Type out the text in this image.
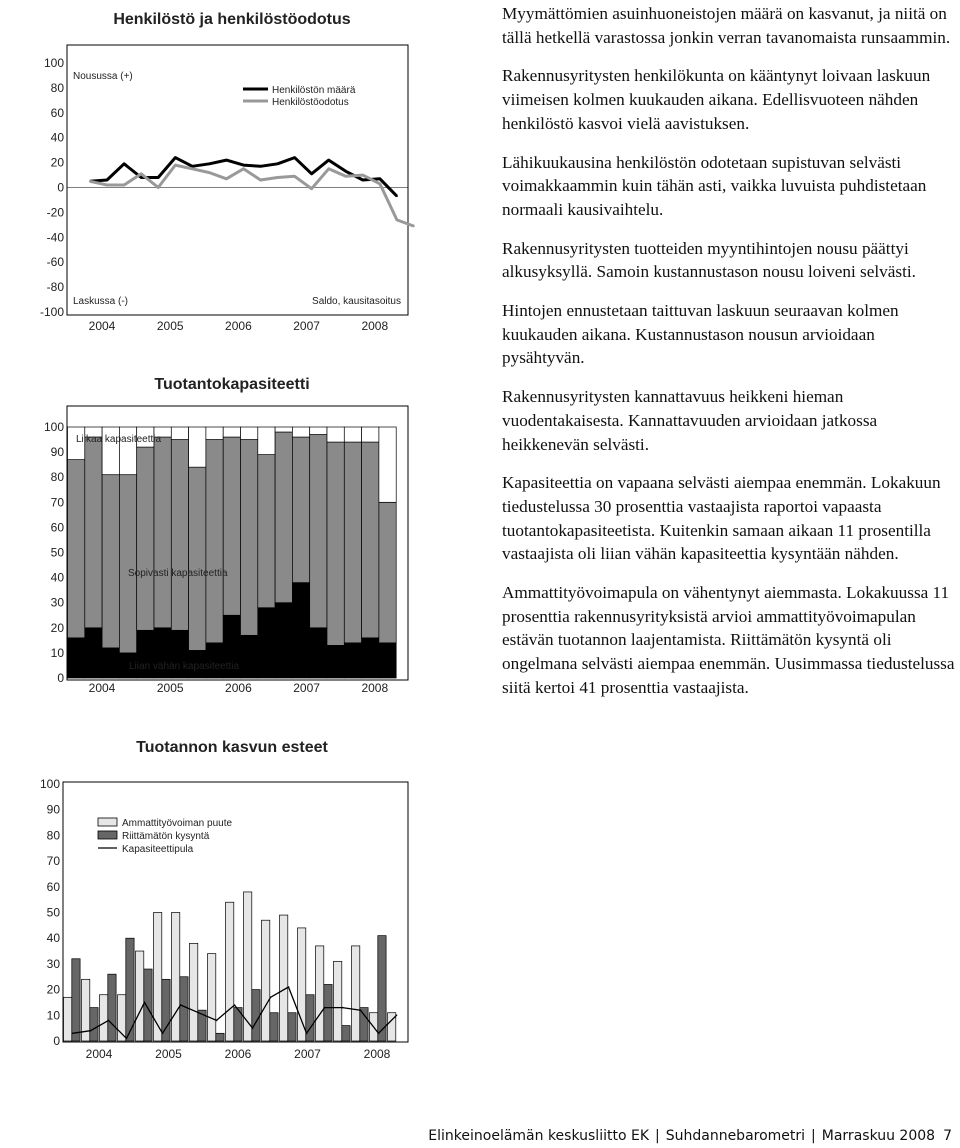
Henkilöstö ja henkilöstöodotus
Nousussa (+)
Laskussa (-)	Saldo, kausitasoitus
Henkilöstön määrä
Henkilöstöodotus
100
80
60
40
20
0
-20
-40
-60
-80
-100
2004	2005	2006	2007	2008
Tuotantokapasiteetti
100
90
80
70
60
50
40
30
20
10
0
2004	2005	2006	2007	2008
Liikaa kapasiteettia
Sopivasti kapasiteettia
Liian vähän kapasiteettia
Tuotannon kasvun esteet
100
90
80
70
60
50
40
30
20
10
0
2004	2005	2006	2007	2008
Ammattityövoiman puute
Riittämätön kysyntä
Kapasiteettipula

Myymättömien asuinhuoneistojen määrä on kasvanut, ja niitä on tällä hetkellä varastossa jonkin verran tavanomaista runsaammin.

Rakennusyritysten henkilökunta on kääntynyt loivaan laskuun viimeisen kolmen kuukauden aikana. Edellisvuoteen nähden henkilöstö kasvoi vielä aavistuksen.

Lähikuukausina henkilöstön odotetaan supistuvan selvästi voimakkaammin kuin tähän asti, vaikka luvuista puhdistetaan normaali kausivaihtelu.

Rakennusyritysten tuotteiden myyntihintojen nousu päättyi alkusyksyllä. Samoin kustannustason nousu loiveni selvästi.

Hintojen ennustetaan taittuvan laskuun seuraavan kolmen kuukauden aikana. Kustannustason nousun arvioidaan pysähtyvän.

Rakennusyritysten kannattavuus heikkeni hieman vuodentakaisesta. Kannattavuuden arvioidaan jatkossa heikkenevän selvästi.

Kapasiteettia on vapaana selvästi aiempaa enemmän. Lokakuun tiedustelussa 30 prosenttia vastaajista raportoi vapaasta tuotantokapasiteetista. Kuitenkin samaan aikaan 11 prosentilla vastaajista oli liian vähän kapasiteettia kysyntään nähden.

Ammattityövoimapula on vähentynyt aiemmasta. Lokakuussa 11 prosenttia rakennusyrityksistä arvioi ammattityövoimapulan estävän tuotannon laajentamista. Riittämätön kysyntä oli ongelmana selvästi aiempaa enemmän. Uusimmassa tiedustelussa siitä kertoi 41 prosenttia vastaajista.

Elinkeinoelämän keskusliitto EK | Suhdannebarometri | Marraskuu 2008 7
